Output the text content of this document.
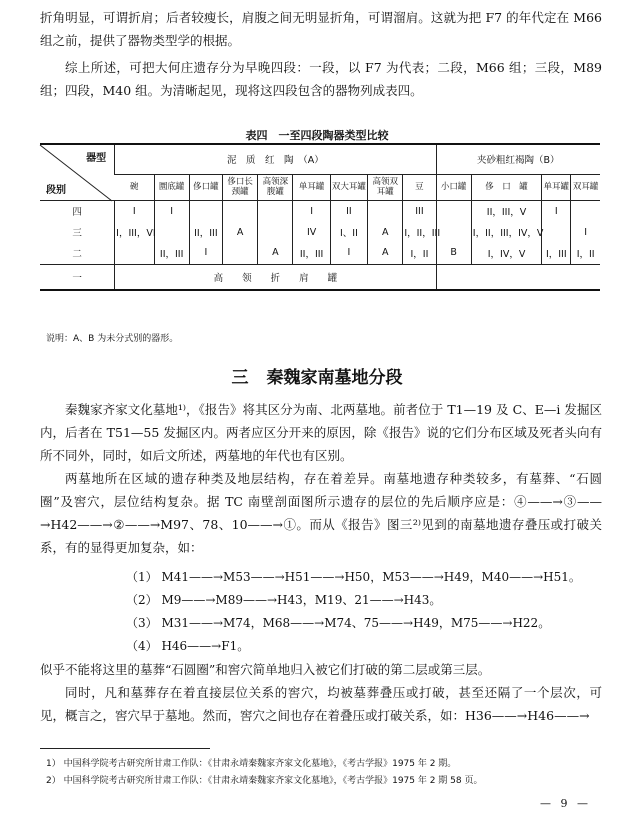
折角明显，可谓折肩；后者较瘦长，肩腹之间无明显折角，可谓溜肩。这就为把 F7 的年代定在 M66 组之前，提供了器物类型学的根据。

综上所述，可把大何庄遗存分为早晚四段：一段，以 F7 为代表；二段，M66 组；三段，M89 组；四段，M40 组。为清晰起见，现将这四段包含的器物列成表四。

表四　一至四段陶器类型比较
器型
段别	泥　质　红　陶　（A）									夹砂粗红褐陶（B）			
	碗	圜底罐	侈口罐	侈口长颈罐	高领深腹罐	单耳罐	双大耳罐	高领双耳罐	豆	小口罐	侈　口　罐	单耳罐	双耳罐
四	I	I				I	II		III		II，III，V	I	
三	I，III，VI		II，III	A		IV	I、II	A	I，II，III		I，II，III，IV，V		I
二		II，III	I		A	II，III	I	A	I，II	B	I，IV，V	I，III	I，II
一	高　　领　　折　　肩　　罐												
说明：A、B 为未分式别的器形。
三 秦魏家南墓地分段

秦魏家齐家文化墓地¹⁾，《报告》将其区分为南、北两墓地。前者位于 T1—19 及 C、E—i 发掘区内，后者在 T51—55 发掘区内。两者应区分开来的原因，除《报告》说的它们分布区域及死者头向有所不同外，同时，如后文所述，两墓地的年代也有区别。

两墓地所在区域的遗存种类及地层结构，存在着差异。南墓地遗存种类较多，有墓葬、“石圆圈”及窖穴，层位结构复杂。据 TC 南壁剖面图所示遗存的层位的先后顺序应是：④——→③——→H42——→②——→M97、78、10——→①。而从《报告》图三²⁾见到的南墓地遗存叠压或打破关系，有的显得更加复杂，如：

（1） M41——→M53——→H51——→H50，M53——→H49，M40——→H51。
（2） M9——→M89——→H43，M19、21——→H43。
（3） M31——→M74，M68——→M74、75——→H49，M75——→H22。
（4） H46——→F1。

似乎不能将这里的墓葬“石圆圈”和窖穴简单地归入被它们打破的第二层或第三层。

同时，凡和墓葬存在着直接层位关系的窖穴，均被墓葬叠压或打破，甚至还隔了一个层次，可见，概言之，窖穴早于墓地。然而，窖穴之间也存在着叠压或打破关系，如：H36——→H46——→

1） 中国科学院考古研究所甘肃工作队：《甘肃永靖秦魏家齐家文化墓地》，《考古学报》1975 年 2 期。
2） 中国科学院考古研究所甘肃工作队：《甘肃永靖秦魏家齐家文化墓地》，《考古学报》1975 年 2 期 58 页。
— 9 —
